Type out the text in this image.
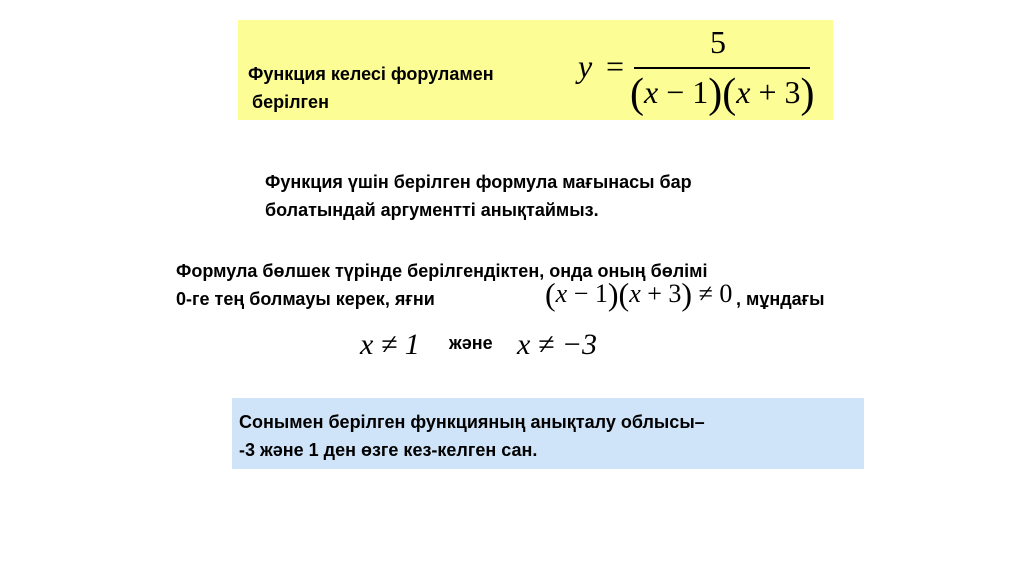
Функция келесі форуламен
берілген
y =
5
(x − 1)(x + 3)
Функция үшін берілген формула мағынасы бар
болатындай аргументті анықтаймыз.
Формула бөлшек түрінде берілгендіктен, онда оның бөлімі
0-ге тең болмауы керек, яғни	, мұндағы
(x − 1)(x + 3) ≠ 0
x ≠ 1 және x ≠ −3
Сонымен берілген функцияның анықталу облысы–
-3 және 1 ден өзге кез-келген сан.
